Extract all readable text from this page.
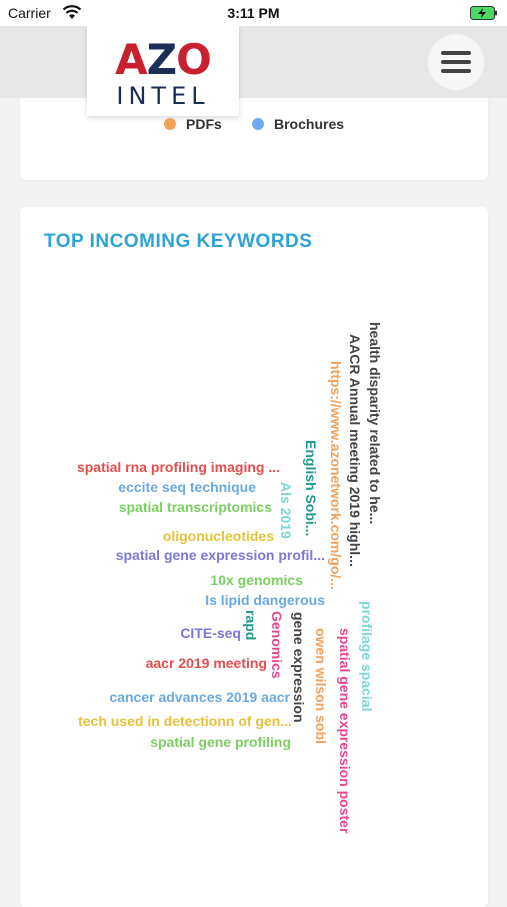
Carrier	3:11 PM
AZO
INTEL
PDFs	Brochures
TOP INCOMING KEYWORDS
spatial rna profiling imaging ...
eccite seq technique
spatial transcriptomics
oligonucleotides
spatial gene expression profil...
10x genomics
Is lipid dangerous
CITE-seq
aacr 2019 meeting
cancer advances 2019 aacr
tech used in detectionn of gen...
spatial gene profiling
Als 2019 English Sobi...
rapd Genomics gene expression
https://www.azonetwork.com/go/...
owen wilson sobl
AACR Annual meeting 2019 highl...
spatial gene expression poster
health disparity related to he...
profilage spacial
